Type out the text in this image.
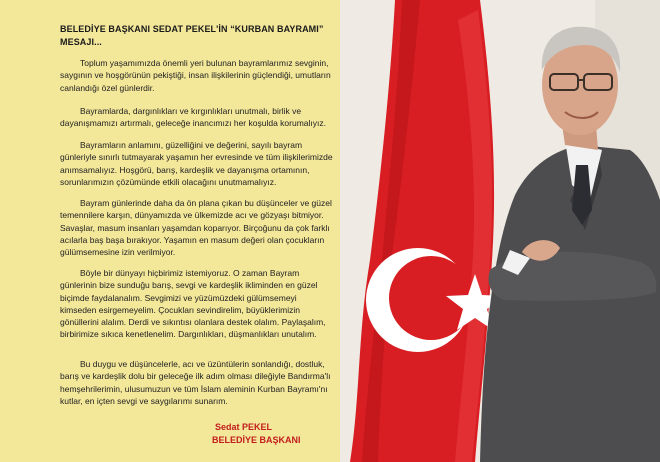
BELEDİYE BAŞKANI SEDAT PEKEL'İN “KURBAN BAYRAMI” MESAJI...

Toplum yaşamımızda önemli yeri bulunan bayramlarımız sevginin, saygının ve hoşgörünün pekiştiği, insan ilişkilerinin güçlendiği, umutların canlandığı özel günlerdir.

Bayramlarda, dargınlıkları ve kırgınlıkları unutmalı, birlik ve dayanışmamızı artırmalı, geleceğe inancımızı her koşulda korumalıyız.

Bayramların anlamını, güzelliğini ve değerini, sayılı bayram günleriyle sınırlı tutmayarak yaşamın her evresinde ve tüm ilişkilerimizde anımsamalıyız. Hoşgörü, barış, kardeşlik ve dayanışma ortamının, sorunlarımızın çözümünde etkili olacağını unutmamalıyız.

Bayram günlerinde daha da ön plana çıkan bu düşünceler ve güzel temennilere karşın, dünyamızda ve ülkemizde acı ve gözyaşı bitmiyor. Savaşlar, masum insanları yaşamdan koparıyor. Birçoğunu da çok farklı acılarla baş başa bırakıyor. Yaşamın en masum değeri olan çocukların gülümsemesine izin verilmiyor.

Böyle bir dünyayı hiçbirimiz istemiyoruz. O zaman Bayram günlerinin bize sunduğu barış, sevgi ve kardeşlik ikliminden en güzel biçimde faydalanalım. Sevgimizi ve yüzümüzdeki gülümsemeyi kimseden esirgemeyelim. Çocukları sevindirelim, büyüklerimizin gönüllerini alalım. Derdi ve sıkıntısı olanlara destek olalım. Paylaşalım, birbirimize sıkıca kenetlenelim. Dargınlıkları, düşmanlıkları unutalım.

Bu duygu ve düşüncelerle, acı ve üzüntülerin sonlandığı, dostluk, barış ve kardeşlik dolu bir geleceğe ilk adım olması dileğiyle Bandırma'lı hemşehrilerimin, ulusumuzun ve tüm İslam aleminin Kurban Bayramı'nı kutlar, en içten sevgi ve saygılarımı sunarım.

Sedat PEKEL
BELEDİYE BAŞKANI
